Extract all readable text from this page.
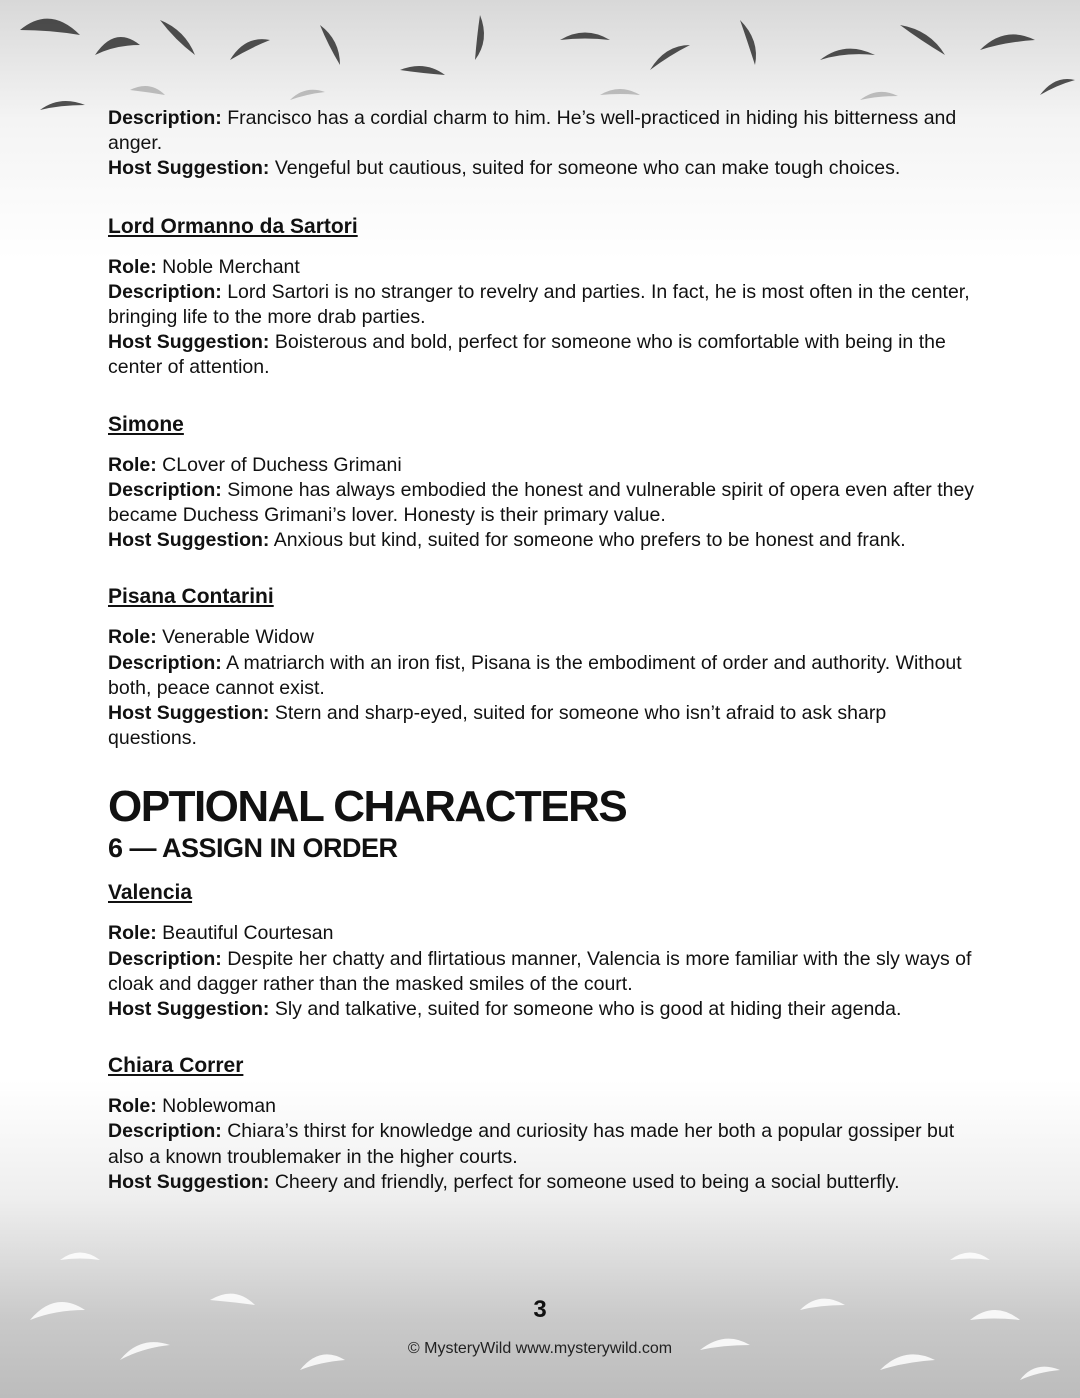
Description: Francisco has a cordial charm to him. He’s well-practiced in hiding his bitterness and anger.

Host Suggestion: Vengeful but cautious, suited for someone who can make tough choices.

Lord Ormanno da Sartori

Role: Noble Merchant

Description: Lord Sartori is no stranger to revelry and parties. In fact, he is most often in the center, bringing life to the more drab parties.

Host Suggestion: Boisterous and bold, perfect for someone who is comfortable with being in the center of attention.

Simone

Role: CLover of Duchess Grimani

Description: Simone has always embodied the honest and vulnerable spirit of opera even after they became Duchess Grimani’s lover. Honesty is their primary value.

Host Suggestion: Anxious but kind, suited for someone who prefers to be honest and frank.

Pisana Contarini

Role: Venerable Widow

Description: A matriarch with an iron fist, Pisana is the embodiment of order and authority. Without both, peace cannot exist.

Host Suggestion: Stern and sharp-eyed, suited for someone who isn’t afraid to ask sharp questions.

OPTIONAL CHARACTERS
6 — ASSIGN IN ORDER
Valencia

Role: Beautiful Courtesan

Description: Despite her chatty and flirtatious manner, Valencia is more familiar with the sly ways of cloak and dagger rather than the masked smiles of the court.

Host Suggestion: Sly and talkative, suited for someone who is good at hiding their agenda.

Chiara Correr

Role: Noblewoman

Description: Chiara’s thirst for knowledge and curiosity has made her both a popular gossiper but also a known troublemaker in the higher courts.

Host Suggestion: Cheery and friendly, perfect for someone used to being a social butterfly.

3
© MysteryWild www.mysterywild.com
